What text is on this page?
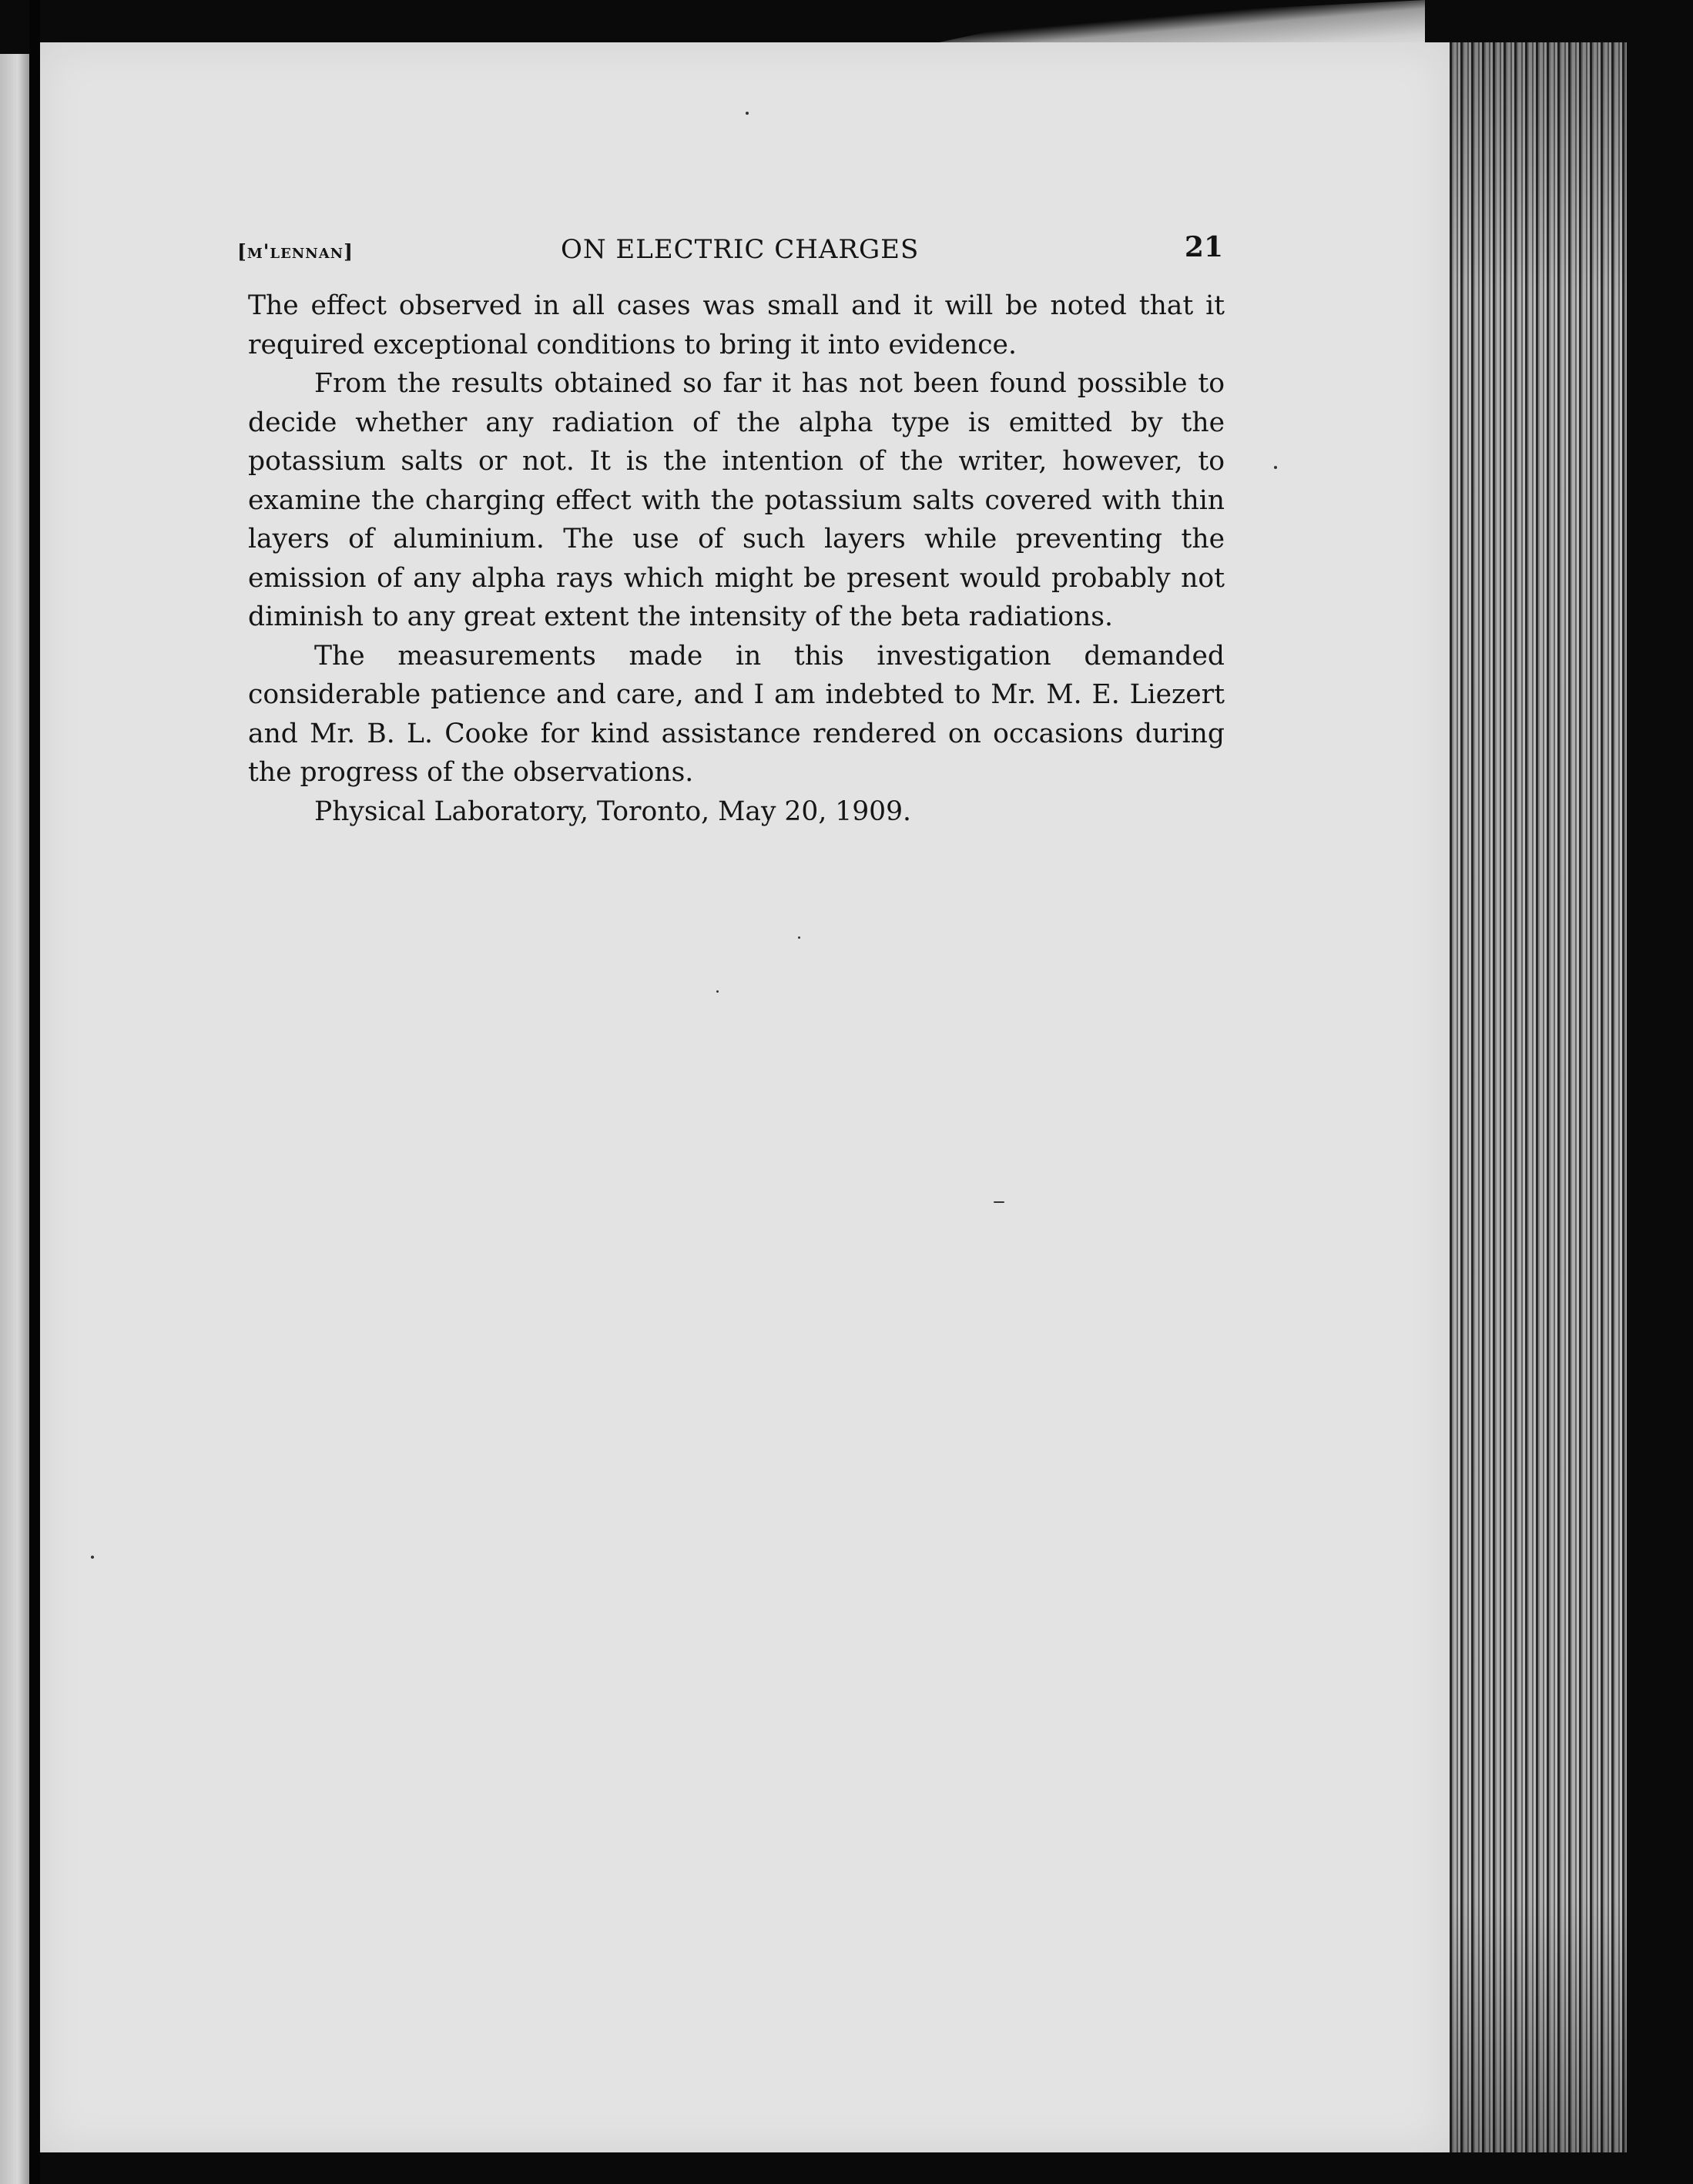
[m'lennan]	ON ELECTRIC CHARGES	21

The effect observed in all cases was small and it will be noted that it required exceptional conditions to bring it into evidence.

From the results obtained so far it has not been found possible to decide whether any radiation of the alpha type is emitted by the potassium salts or not. It is the intention of the writer, however, to examine the charging effect with the potassium salts covered with thin layers of aluminium. The use of such layers while preventing the emission of any alpha rays which might be present would probably not diminish to any great extent the intensity of the beta radiations.

The measurements made in this investigation demanded considerable patience and care, and I am indebted to Mr. M. E. Liezert and Mr. B. L. Cooke for kind assistance rendered on occasions during the progress of the observations.

Physical Laboratory, Toronto, May 20, 1909.
